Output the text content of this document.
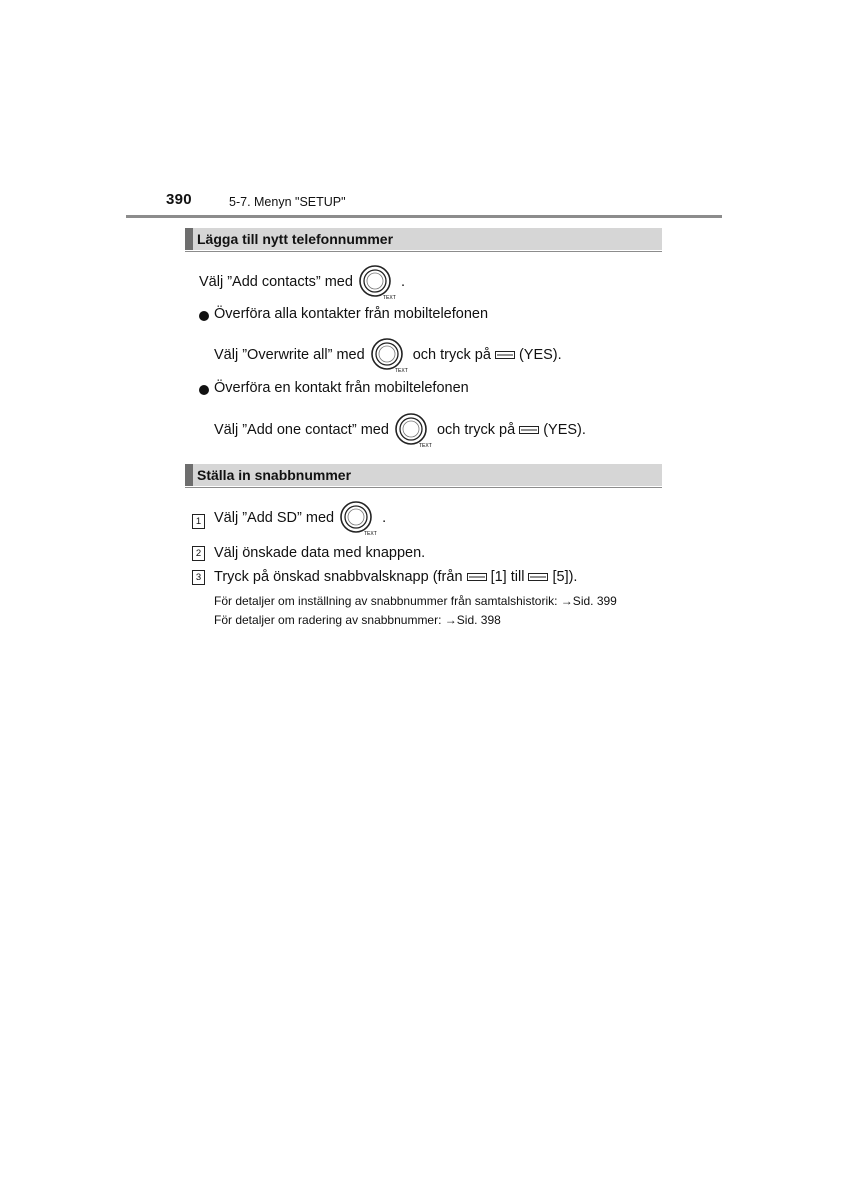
390	5-7. Menyn "SETUP"
Lägga till nytt telefonnummer
Välj ”Add contacts” med
TEXT
.
Överföra alla kontakter från mobiltelefonen
Välj ”Overwrite all” med
TEXT
och tryck på (YES).
Överföra en kontakt från mobiltelefonen
Välj ”Add one contact” med
TEXT
och tryck på (YES).
Ställa in snabbnummer
1 Välj ”Add SD” med
TEXT
.
2 Välj önskade data med knappen.
3 Tryck på önskad snabbvalsknapp (från [1] till [5]).
För detaljer om inställning av snabbnummer från samtalshistorik: →Sid. 399
För detaljer om radering av snabbnummer: →Sid. 398
